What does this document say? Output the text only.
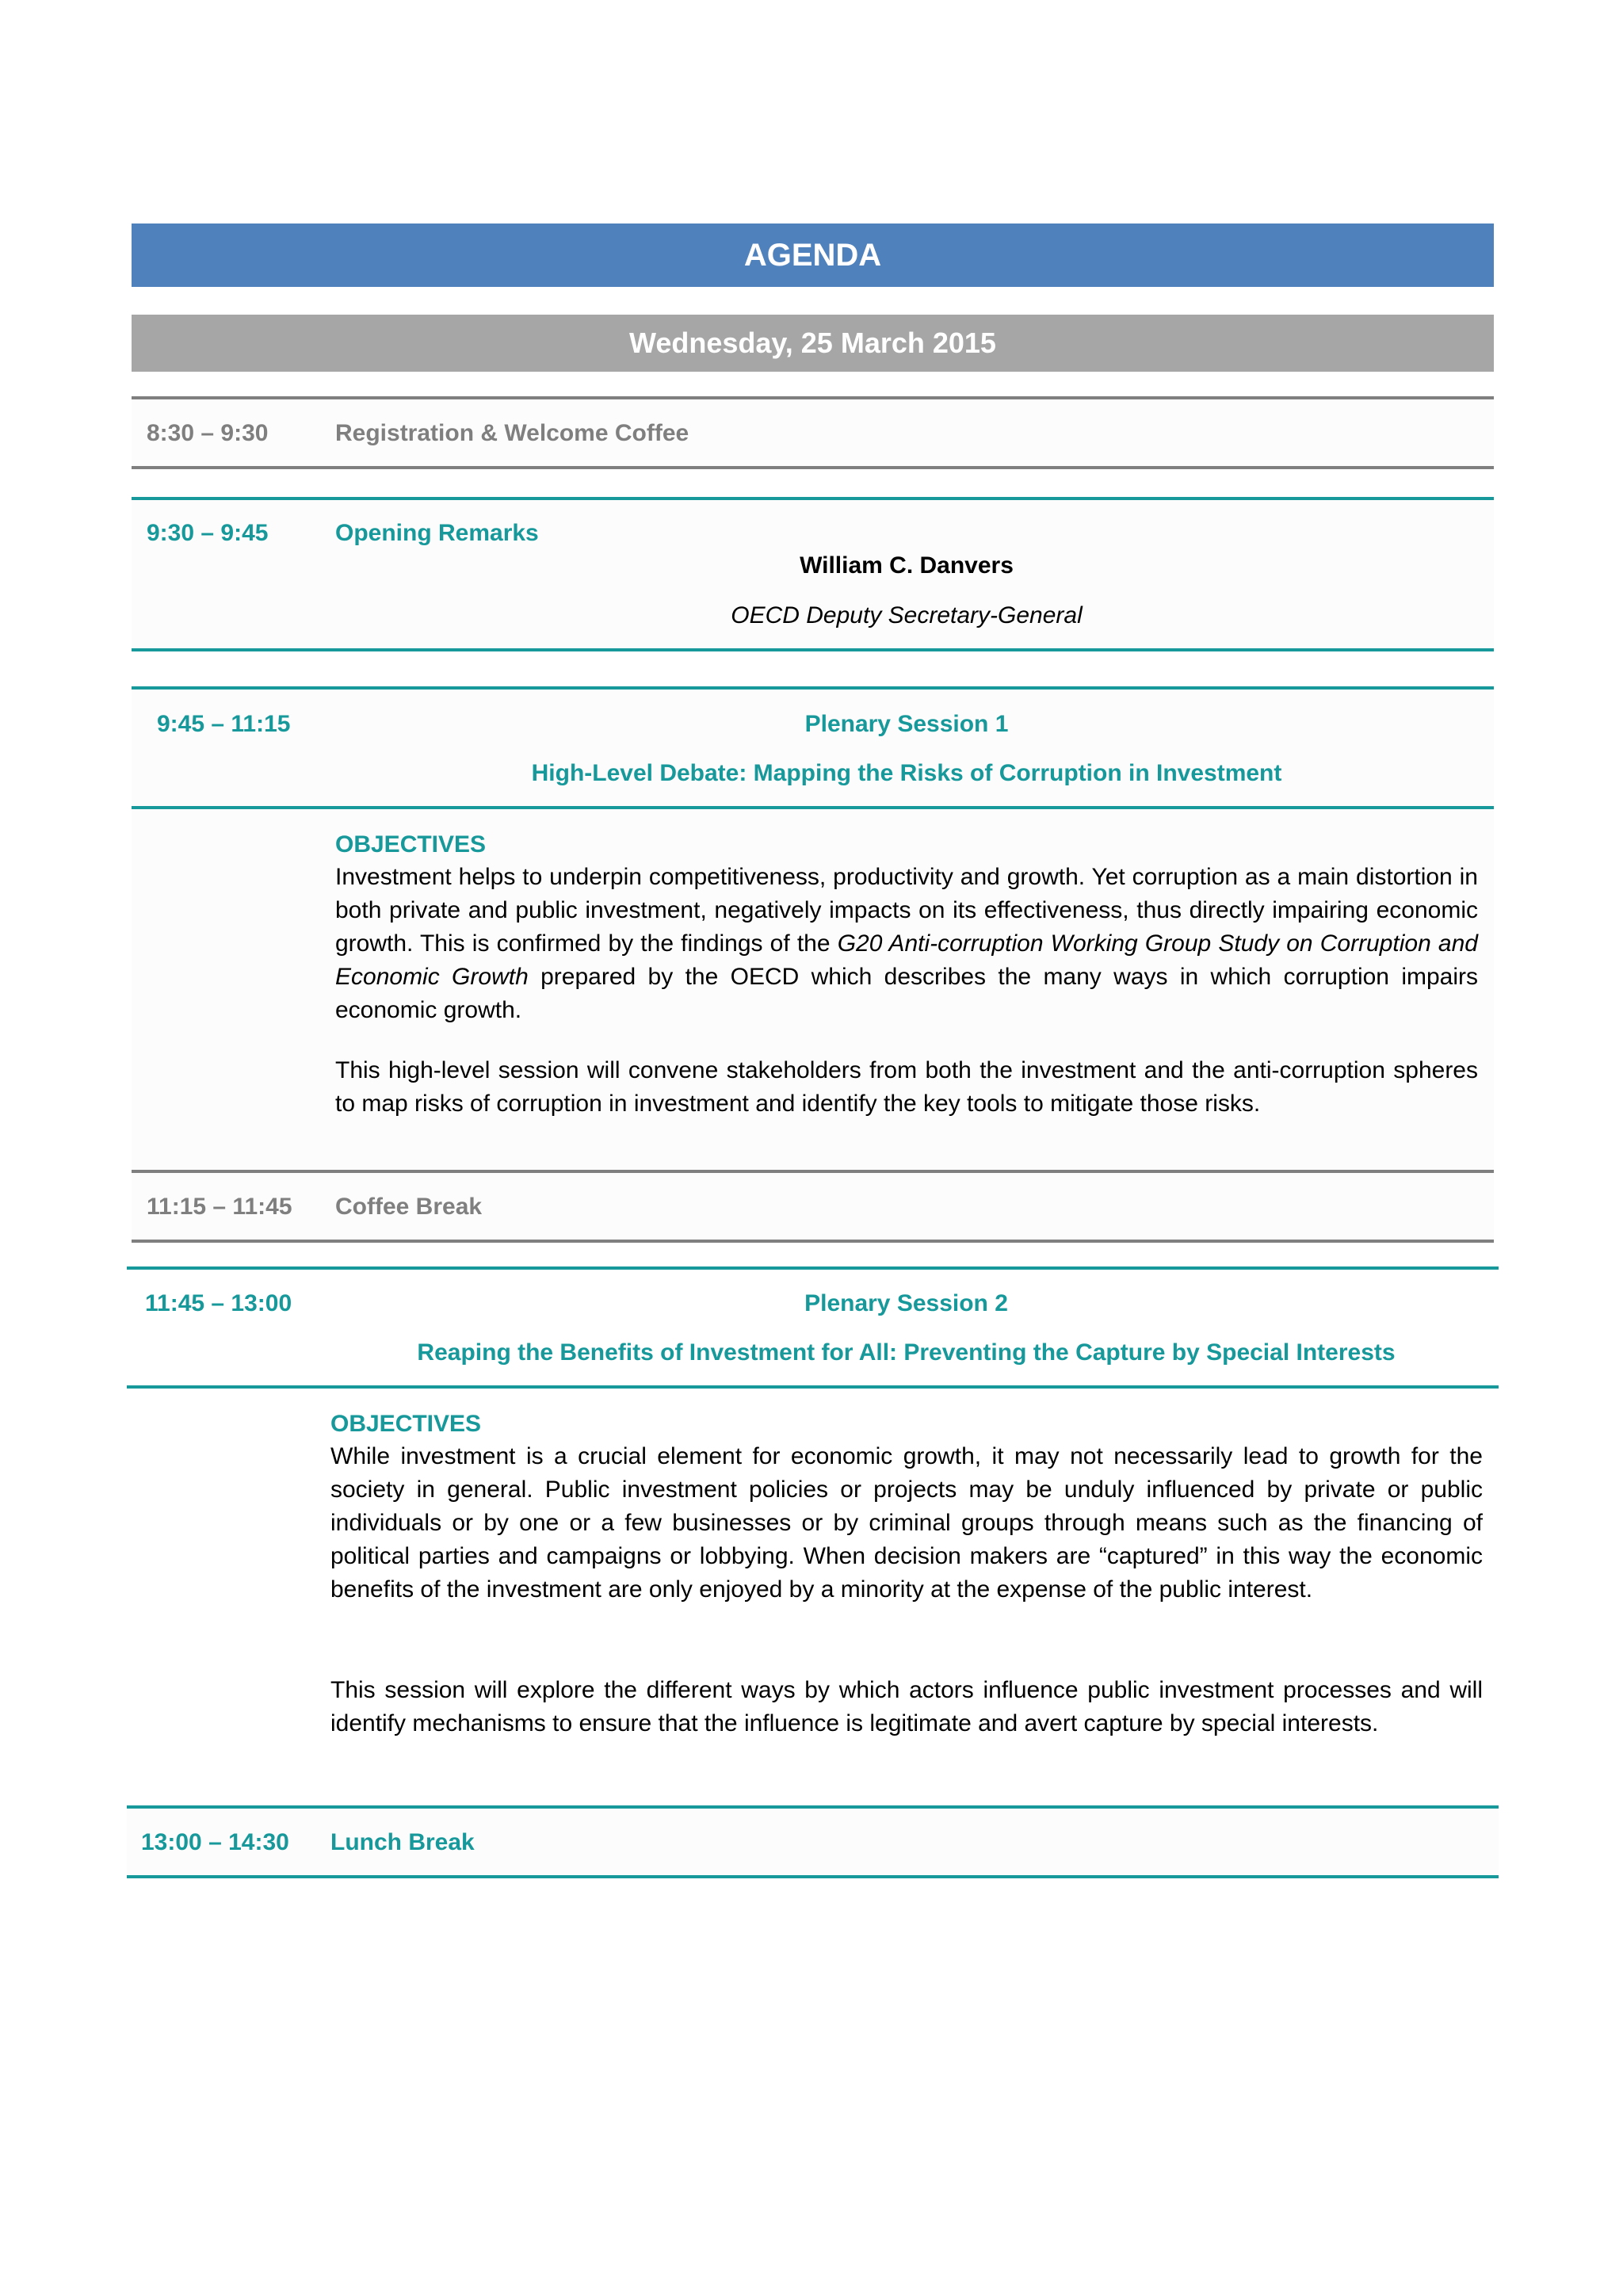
AGENDA
Wednesday, 25 March 2015
8:30 – 9:30	Registration & Welcome Coffee
9:30 – 9:45	Opening Remarks
William C. Danvers
OECD Deputy Secretary-General
9:45 – 11:15	Plenary Session 1
High-Level Debate: Mapping the Risks of Corruption in Investment
OBJECTIVES
Investment helps to underpin competitiveness, productivity and growth. Yet corruption as a main distortion in both private and public investment, negatively impacts on its effectiveness, thus directly impairing economic growth. This is confirmed by the findings of the G20 Anti-corruption Working Group Study on Corruption and Economic Growth prepared by the OECD which describes the many ways in which corruption impairs economic growth.
This high-level session will convene stakeholders from both the investment and the anti-corruption spheres to map risks of corruption in investment and identify the key tools to mitigate those risks.
11:15 – 11:45 Coffee Break
11:45 – 13:00	Plenary Session 2
Reaping the Benefits of Investment for All: Preventing the Capture by Special Interests
OBJECTIVES
While investment is a crucial element for economic growth, it may not necessarily lead to growth for the society in general. Public investment policies or projects may be unduly influenced by private or public individuals or by one or a few businesses or by criminal groups through means such as the financing of political parties and campaigns or lobbying. When decision makers are “captured” in this way the economic benefits of the investment are only enjoyed by a minority at the expense of the public interest.
This session will explore the different ways by which actors influence public investment processes and will identify mechanisms to ensure that the influence is legitimate and avert capture by special interests.
13:00 – 14:30 Lunch Break
